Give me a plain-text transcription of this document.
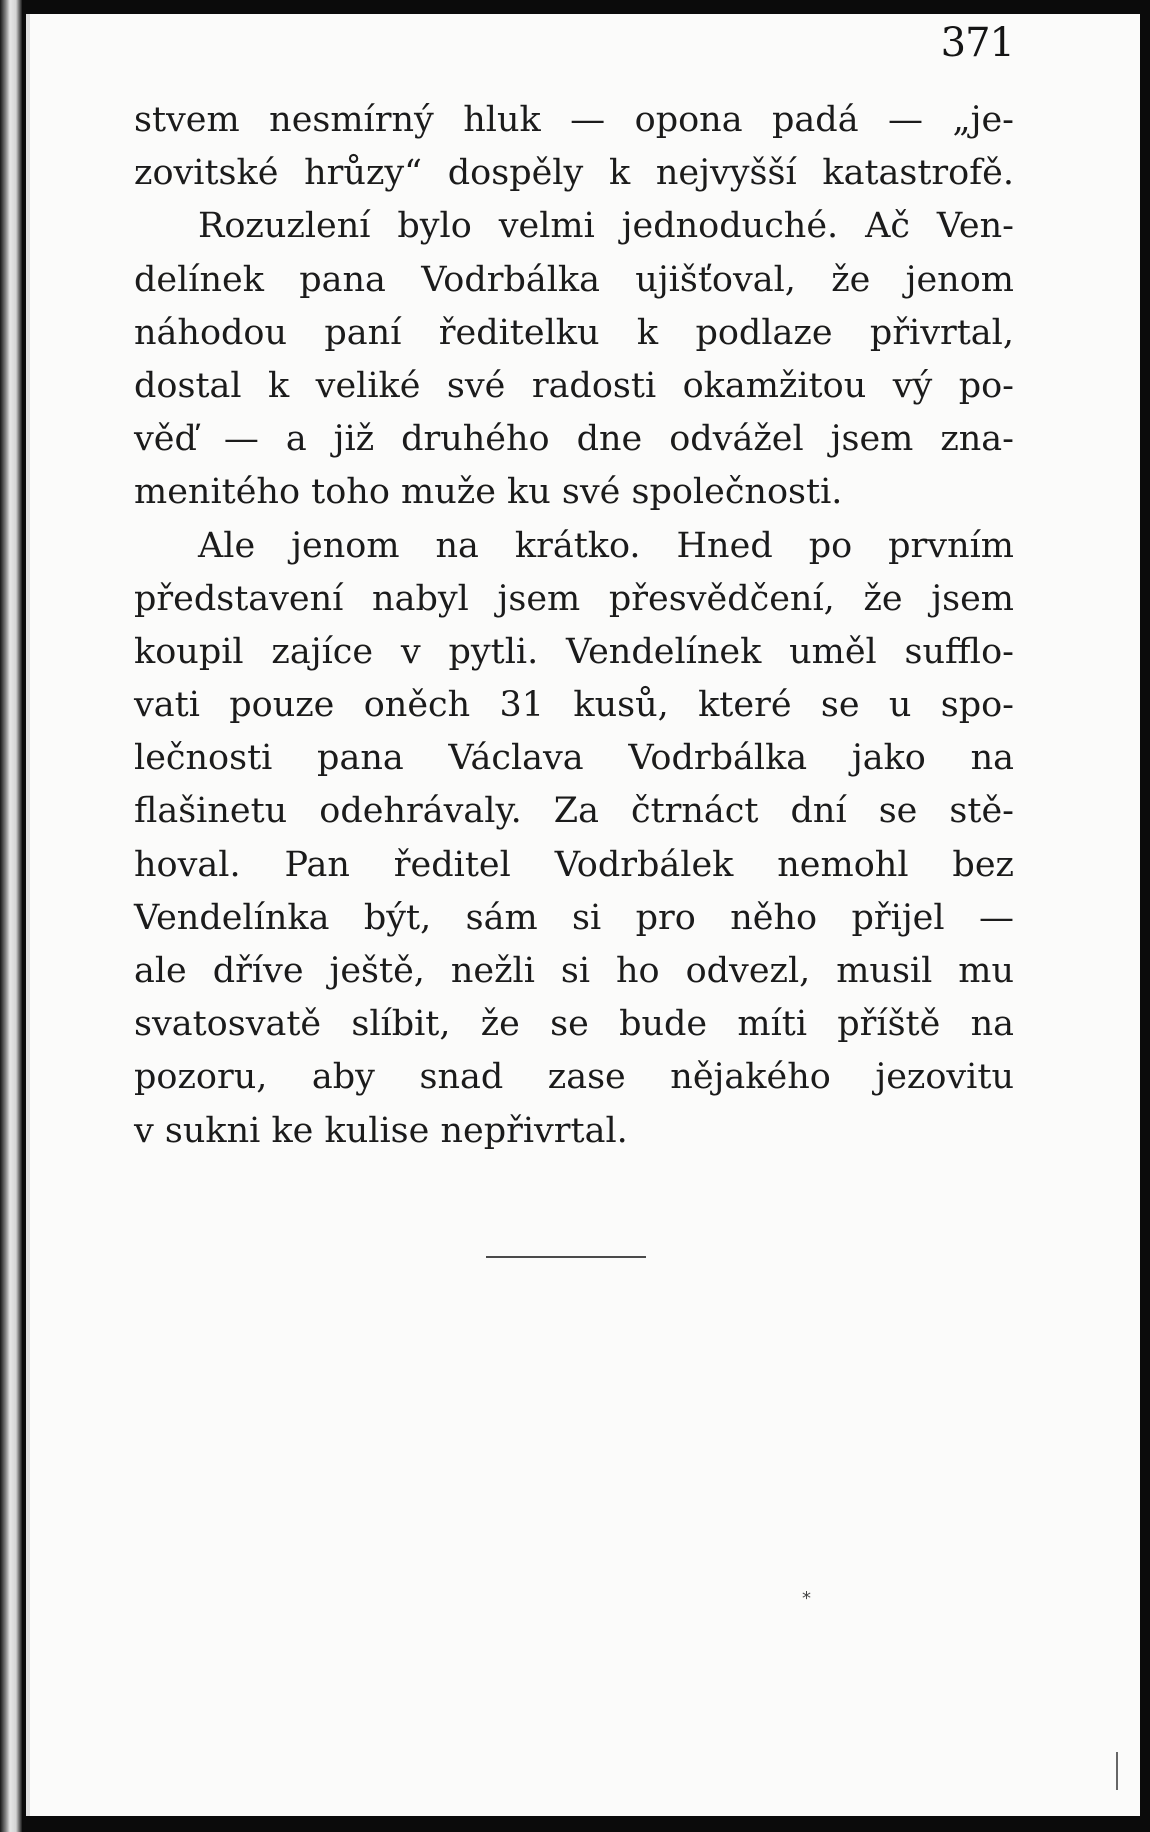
371

stvem nesmírný hluk — opona padá — „je-
zovitské hrůzy“ dospěly k nejvyšší katastrofě.
Rozuzlení bylo velmi jednoduché. Ač Ven-
delínek pana Vodrbálka ujišťoval, že jenom
náhodou paní ředitelku k podlaze přivrtal,
dostal k veliké své radosti okamžitou vý po-
věď — a již druhého dne odvážel jsem zna-
menitého toho muže ku své společnosti.
Ale jenom na krátko. Hned po prvním
představení nabyl jsem přesvědčení, že jsem
koupil zajíce v pytli. Vendelínek uměl sufflo-
vati pouze oněch 31 kusů, které se u spo-
lečnosti pana Václava Vodrbálka jako na
flašinetu odehrávaly. Za čtrnáct dní se stě-
hoval. Pan ředitel Vodrbálek nemohl bez
Vendelínka být, sám si pro něho přijel —
ale dříve ještě, nežli si ho odvezl, musil mu
svatosvatě slíbit, že se bude míti příště na
pozoru, aby snad zase nějakého jezovitu
v sukni ke kulise nepřivrtal.
*
